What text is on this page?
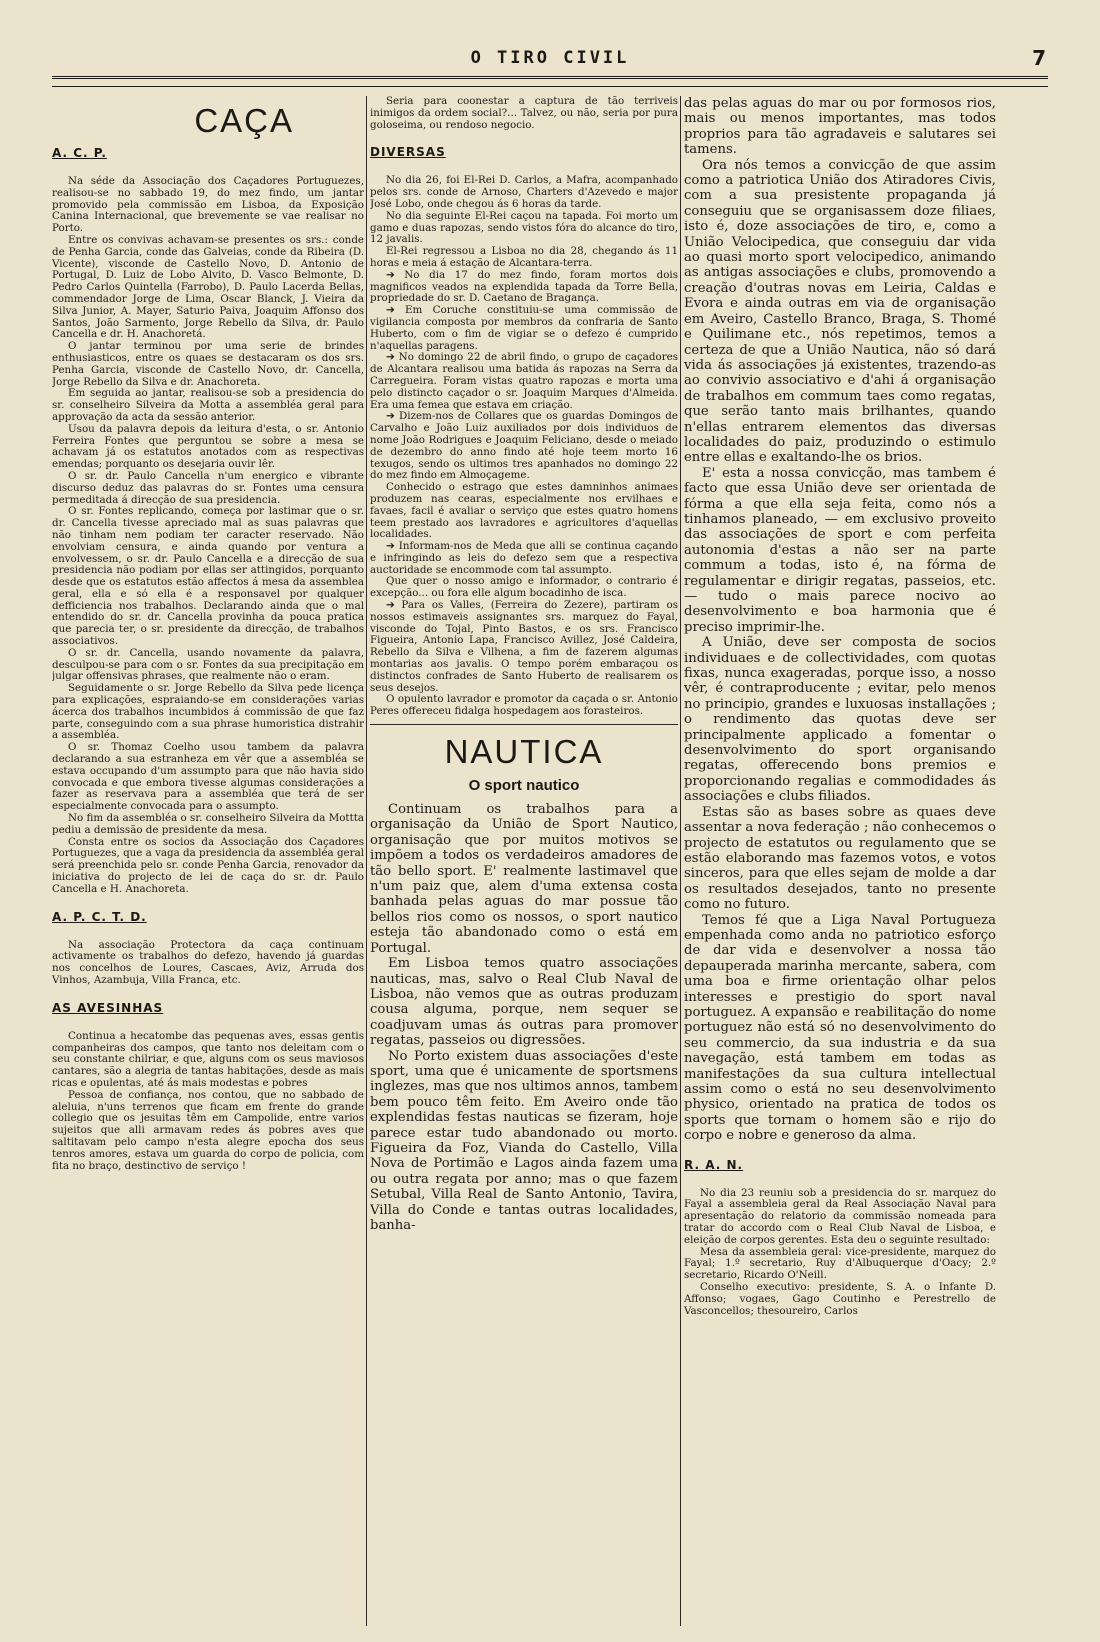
O TIRO CIVIL	7
CAÇA
A. C. P.

Na séde da Associação dos Caçadores Portuguezes, realisou-se no sabbado 19, do mez findo, um jantar promovido pela commissão em Lisboa, da Exposição Canina Internacional, que brevemente se vae realisar no Porto.

Entre os convivas achavam-se presentes os srs.: conde de Penha Garcia, conde das Galveias, conde da Ribeira (D. Vicente), visconde de Castello Novo, D. Antonio de Portugal, D. Luiz de Lobo Alvito, D. Vasco Belmonte, D. Pedro Carlos Quintella (Farrobo), D. Paulo Lacerda Bellas, commendador Jorge de Lima, Oscar Blanck, J. Vieira da Silva Junior, A. Mayer, Saturio Paiva, Joaquim Affonso dos Santos, João Sarmento, Jorge Rebello da Silva, dr. Paulo Cancella e dr. H. Anachoretá.

O jantar terminou por uma serie de brindes enthusiasticos, entre os quaes se destacaram os dos srs. Penha Garcia, visconde de Castello Novo, dr. Cancella, Jorge Rebello da Silva e dr. Anachoreta.

Em seguida ao jantar, realisou-se sob a presidencia do sr. conselheiro Silveira da Motta a assembléa geral para approvação da acta da sessão anterior.

Usou da palavra depois da leitura d'esta, o sr. Antonio Ferreira Fontes que perguntou se sobre a mesa se achavam já os estatutos anotados com as respectivas emendas; porquanto os desejaria ouvir lêr.

O sr. dr. Paulo Cancella n'um energico e vibrante discurso deduz das palavras do sr. Fontes uma censura permeditada á direcção de sua presidencia.

O sr. Fontes replicando, começa por lastimar que o sr. dr. Cancella tivesse apreciado mal as suas palavras que não tinham nem podiam ter caracter reservado. Não envolviam censura, e ainda quando por ventura a envolvessem, o sr. dr. Paulo Cancella e a direcção de sua presidencia não podiam por ellas ser attingidos, porquanto desde que os estatutos estão affectos á mesa da assemblea geral, ella e só ella é a responsavel por qualquer defficiencia nos trabalhos. Declarando ainda que o mal entendido do sr. dr. Cancella provinha da pouca pratica que parecia ter, o sr. presidente da direcção, de trabalhos associativos.

O sr. dr. Cancella, usando novamente da palavra, desculpou-se para com o sr. Fontes da sua precipitação em julgar offensivas phrases, que realmente não o eram.

Seguidamente o sr. Jorge Rebello da Silva pede licença para explicações, espraiando-se em considerações varias ácerca dos trabalhos incumbidos á commissão de que faz parte, conseguindo com a sua phrase humoristica distrahir a assembléa.

O sr. Thomaz Coelho usou tambem da palavra declarando a sua estranheza em vêr que a assembléa se estava occupando d'um assumpto para que não havia sido convocada e que embora tivesse algumas considerações a fazer as reservava para a assembléa que terá de ser especialmente convocada para o assumpto.

No fim da assembléa o sr. conselheiro Silveira da Mottta pediu a demissão de presidente da mesa.

Consta entre os socios da Associação dos Caçadores Portuguezes, que a vaga da presidencia da assembléa geral será preenchida pelo sr. conde Penha Garcia, renovador da iniciativa do projecto de lei de caça do sr. dr. Paulo Cancella e H. Anachoreta.

A. P. C. T. D.

Na associação Protectora da caça continuam activamente os trabalhos do defezo, havendo já guardas nos concelhos de Loures, Cascaes, Aviz, Arruda dos Vinhos, Azambuja, Villa Franca, etc.

AS AVESINHAS

Continua a hecatombe das pequenas aves, essas gentis companheiras dos campos, que tanto nos deleitam com o seu constante chilriar, e que, alguns com os seus maviosos cantares, são a alegria de tantas habitações, desde as mais ricas e opulentas, até ás mais modestas e pobres

Pessoa de confiança, nos contou, que no sabbado de aleluia, n'uns terrenos que ficam em frente do grande collegio que os jesuitas têm em Campolide, entre varios sujeitos que alli armavam redes ás pobres aves que saltitavam pelo campo n'esta alegre epocha dos seus tenros amores, estava um guarda do corpo de policia, com fita no braço, destinctivo de serviço !

Seria para coonestar a captura de tão terriveis inimigos da ordem social?... Talvez, ou não, seria por pura goloseima, ou rendoso negocio.

DIVERSAS

No dia 26, foi El-Rei D. Carlos, a Mafra, acompanhado pelos srs. conde de Arnoso, Charters d'Azevedo e major José Lobo, onde chegou ás 6 horas da tarde.

No dia seguinte El-Rei caçou na tapada. Foi morto um gamo e duas rapozas, sendo vistos fóra do alcance do tiro, 12 javalis.

El-Rei regressou a Lisboa no dia 28, chegando ás 11 horas e meia á estação de Alcantara-terra.

➔ No dia 17 do mez findo, foram mortos dois magnificos veados na explendida tapada da Torre Bella, propriedade do sr. D. Caetano de Bragança.

➔ Em Coruche constituiu-se uma commissão de vigilancia composta por membros da confraria de Santo Huberto, com o fim de vigiar se o defezo é cumprido n'aquellas paragens.

➔ No domingo 22 de abril findo, o grupo de caçadores de Alcantara realisou uma batida ás rapozas na Serra da Carregueira. Foram vistas quatro rapozas e morta uma pelo distincto caçador o sr. Joaquim Marques d'Almeida. Era uma femea que estava em criação.

➔ Dizem-nos de Collares que os guardas Domingos de Carvalho e João Luiz auxiliados por dois individuos de nome João Rodrigues e Joaquim Feliciano, desde o meiado de dezembro do anno findo até hoje teem morto 16 texugos, sendo os ultimos tres apanhados no domingo 22 do mez findo em Almoçageme.

Conhecido o estrago que estes damninhos animaes produzem nas cearas, especialmente nos ervilhaes e favaes, facil é avaliar o serviço que estes quatro homens teem prestado aos lavradores e agricultores d'aquellas localidades.

➔ Informam-nos de Meda que alli se continua caçando e infringindo as leis do defezo sem que a respectiva auctoridade se encommode com tal assumpto.

Que quer o nosso amigo e informador, o contrario é excepção... ou fora elle algum bocadinho de isca.

➔ Para os Valles, (Ferreira do Zezere), partiram os nossos estimaveis assignantes srs. marquez do Fayal, visconde do Tojal, Pinto Bastos, e os srs. Francisco Figueira, Antonio Lapa, Francisco Avillez, José Caldeira, Rebello da Silva e Vilhena, a fim de fazerem algumas montarias aos javalis. O tempo porém embaraçou os distinctos confrades de Santo Huberto de realisarem os seus desejos.

O opulento lavrador e promotor da caçada o sr. Antonio Peres offereceu fidalga hospedagem aos forasteiros.

NAUTICA
O sport nautico

Continuam os trabalhos para a organisação da União de Sport Nautico, organisação que por muitos motivos se impõem a todos os verdadeiros amadores de tão bello sport. E' realmente lastimavel que n'um paiz que, alem d'uma extensa costa banhada pelas aguas do mar possue tão bellos rios como os nossos, o sport nautico esteja tão abandonado como o está em Portugal.

Em Lisboa temos quatro associações nauticas, mas, salvo o Real Club Naval de Lisboa, não vemos que as outras produzam cousa alguma, porque, nem sequer se coadjuvam umas ás outras para promover regatas, passeios ou digressões.

No Porto existem duas associações d'este sport, uma que é unicamente de sportsmens inglezes, mas que nos ultimos annos, tambem bem pouco têm feito. Em Aveiro onde tão explendidas festas nauticas se fizeram, hoje parece estar tudo abandonado ou morto. Figueira da Foz, Vianda do Castello, Villa Nova de Portimão e Lagos ainda fazem uma ou outra regata por anno; mas o que fazem Setubal, Villa Real de Santo Antonio, Tavira, Villa do Conde e tantas outras localidades, banha-

das pelas aguas do mar ou por formosos rios, mais ou menos importantes, mas todos proprios para tão agradaveis e salutares sei tamens.

Ora nós temos a convicção de que assim como a patriotica União dos Atiradores Civis, com a sua presistente propaganda já conseguiu que se organisassem doze filiaes, isto é, doze associações de tiro, e, como a União Velocipedica, que conseguiu dar vida ao quasi morto sport velocipedico, animando as antigas associações e clubs, promovendo a creação d'outras novas em Leiria, Caldas e Evora e ainda outras em via de organisação em Aveiro, Castello Branco, Braga, S. Thomé e Quilimane etc., nós repetimos, temos a certeza de que a União Nautica, não só dará vida ás associações já existentes, trazendo-as ao convivio associativo e d'ahi á organisação de trabalhos em commum taes como regatas, que serão tanto mais brilhantes, quando n'ellas entrarem elementos das diversas localidades do paiz, produzindo o estimulo entre ellas e exaltando-lhe os brios.

E' esta a nossa convicção, mas tambem é facto que essa União deve ser orientada de fórma a que ella seja feita, como nós a tinhamos planeado, — em exclusivo proveito das associações de sport e com perfeita autonomia d'estas a não ser na parte commum a todas, isto é, na fórma de regulamentar e dirigir regatas, passeios, etc.— tudo o mais parece nocivo ao desenvolvimento e boa harmonia que é preciso imprimir-lhe.

A União, deve ser composta de socios individuaes e de collectividades, com quotas fixas, nunca exageradas, porque isso, a nosso vêr, é contraproducente ; evitar, pelo menos no principio, grandes e luxuosas installações ; o rendimento das quotas deve ser principalmente applicado a fomentar o desenvolvimento do sport organisando regatas, offerecendo bons premios e proporcionando regalias e commodidades ás associações e clubs filiados.

Estas são as bases sobre as quaes deve assentar a nova federação ; não conhecemos o projecto de estatutos ou regulamento que se estão elaborando mas fazemos votos, e votos sinceros, para que elles sejam de molde a dar os resultados desejados, tanto no presente como no futuro.

Temos fé que a Liga Naval Portugueza empenhada como anda no patriotico esforço de dar vida e desenvolver a nossa tão depauperada marinha mercante, sabera, com uma boa e firme orientação olhar pelos interesses e prestigio do sport naval portuguez. A expansão e reabilitação do nome portuguez não está só no desenvolvimento do seu commercio, da sua industria e da sua navegação, está tambem em todas as manifestações da sua cultura intellectual assim como o está no seu desenvolvimento physico, orientado na pratica de todos os sports que tornam o homem são e rijo do corpo e nobre e generoso da alma.

R. A. N.

No dia 23 reuniu sob a presidencia do sr. marquez do Fayal a assembleia geral da Real Associação Naval para apresentação do relatorio da commissão nomeada para tratar do accordo com o Real Club Naval de Lisboa, e eleição de corpos gerentes. Esta deu o seguinte resultado:

Mesa da assembleia geral: vice-presidente, marquez do Fayal; 1.º secretario, Ruy d'Albuquerque d'Oacy; 2.º secretario, Ricardo O'Neill.

Conselho executivo: presidente, S. A. o Infante D. Affonso; vogaes, Gago Coutinho e Perestrello de Vasconcellos; thesoureiro, Carlos
